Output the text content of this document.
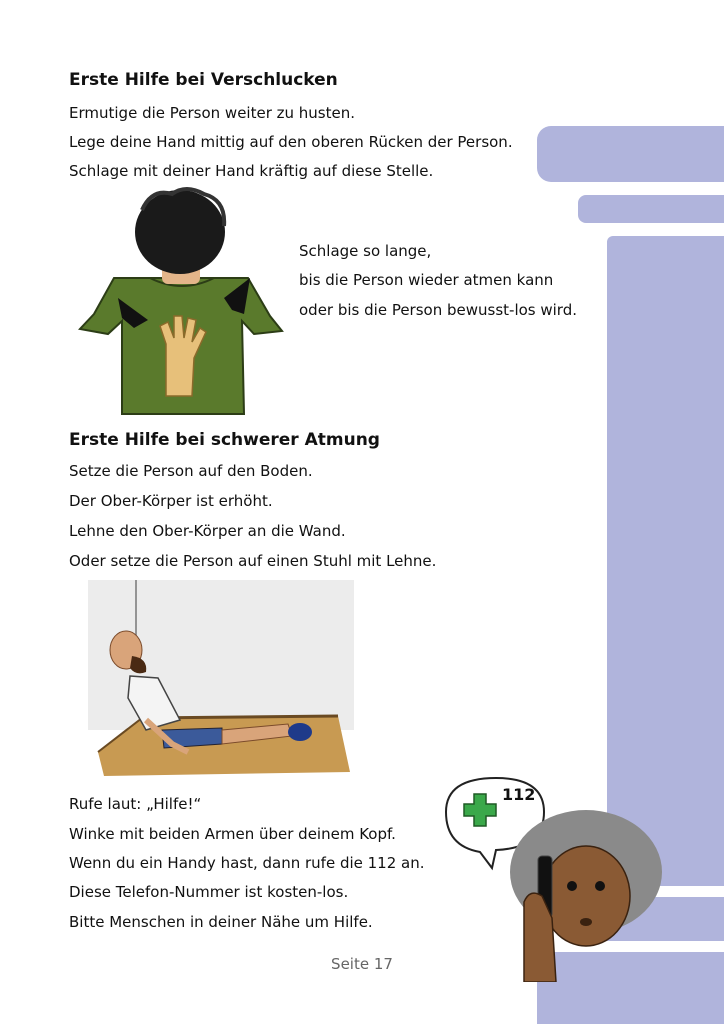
Erste Hilfe bei Verschlucken

Ermutige die Person weiter zu husten.

Lege deine Hand mittig auf den oberen Rücken der Person.

Schlage mit deiner Hand kräftig auf diese Stelle.

Schlage so lange,

bis die Person wieder atmen kann

oder bis die Person bewusst-los wird.

Erste Hilfe bei schwerer Atmung

Setze die Person auf den Boden.

Der Ober-Körper ist erhöht.

Lehne den Ober-Körper an die Wand.

Oder setze die Person auf einen Stuhl mit Lehne.

Rufe laut: „Hilfe!“

Winke mit beiden Armen über deinem Kopf.

Wenn du ein Handy hast, dann rufe die 112 an.

Diese Telefon-Nummer ist kosten-los.

Bitte Menschen in deiner Nähe um Hilfe.

112
Seite 17
